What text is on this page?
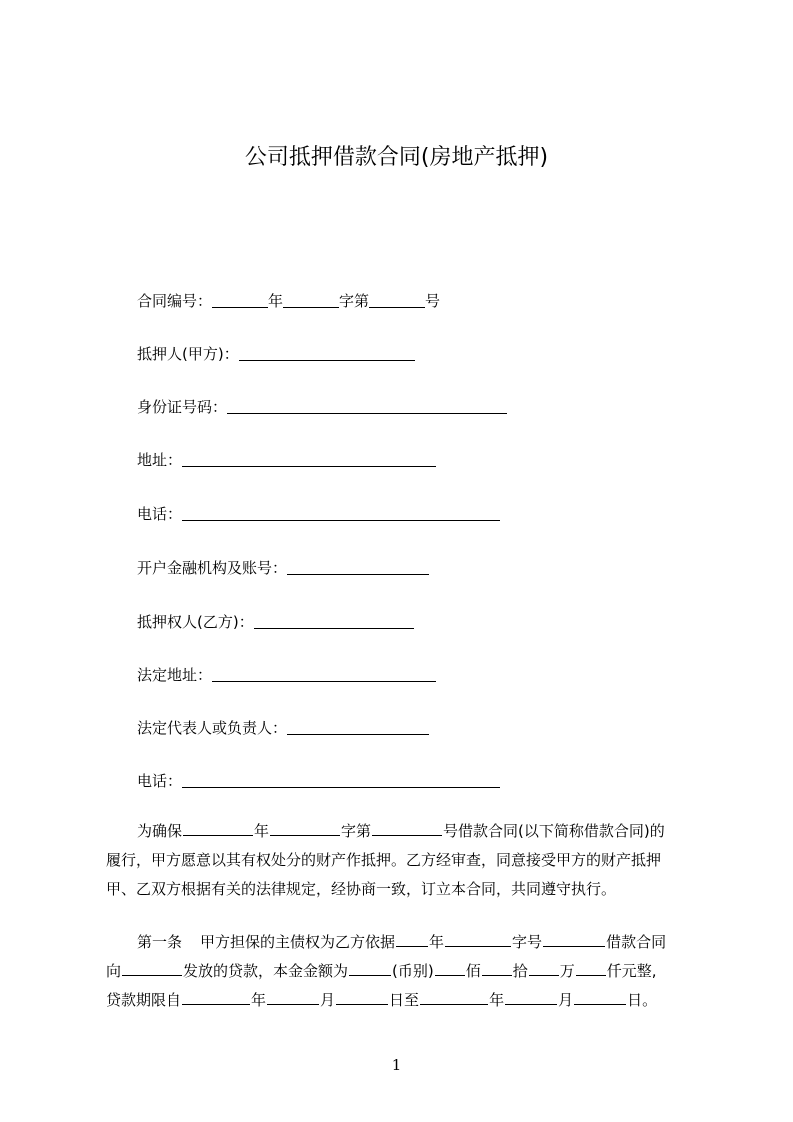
公司抵押借款合同(房地产抵押)
合同编号：	年	字第	号
抵押人(甲方)：
身份证号码：
地址：
电话：
开户金融机构及账号：
抵押权人(乙方)：
法定地址：
法定代表人或负责人：
电话：
为确保	年	字第	号借款合同(以下简称借款合同)的
履行，甲方愿意以其有权处分的财产作抵押。乙方经审查，同意接受甲方的财产抵押
甲、乙双方根据有关的法律规定，经协商一致，订立本合同，共同遵守执行。
第一条 甲方担保的主债权为乙方依据 年	字号	借款合同
向	发放的贷款，本金金额为	(币别) 佰 拾 万 仟元整,
贷款期限自	年	月	日至	年	月	日。
1
